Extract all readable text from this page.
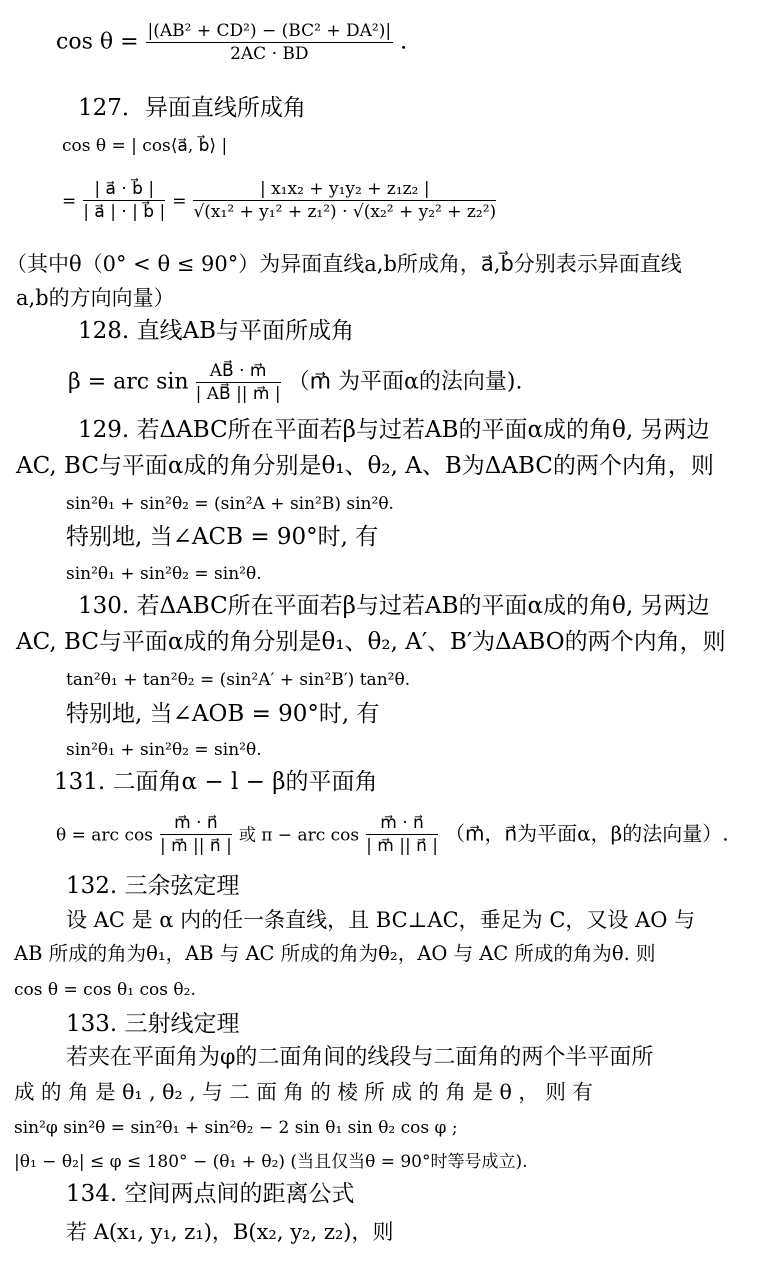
$\cos \theta = \frac{\text{|(AB² + CD²) − (BC² + DA²)|}}{2AC \cdot BD}$ .
127．异面直线所成角
cos θ = | cos⟨a⃗, b⃗⟩ |
= $\frac{| a⃗ \cdot b⃗ |}{| a⃗ | \cdot | b⃗ |} = \frac{\text{| x₁x₂ + y₁y₂ + z₁z₂ |}}{\text{√(x₁² + y₁² + z₁²) · √(x₂² + y₂² + z₂²)}}$
（其中θ（0° < θ ≤ 90°）为异面直线a,b所成角，a⃗,b⃗分别表示异面直线
a,b的方向向量）
128. 直线AB与平面所成角
β = arc $\sin \frac{AB⃗ \cdot m⃗}{| AB⃗ || m⃗ |}$ （m⃗ 为平面α的法向量).
129. 若ΔABC所在平面若β与过若AB的平面α成的角θ, 另两边
AC, BC与平面α成的角分别是θ₁、θ₂, A、B为ΔABC的两个内角，则
sin²θ₁ + sin²θ₂ = (sin²A + sin²B) sin²θ.
特别地, 当∠ACB = 90°时, 有
sin²θ₁ + sin²θ₂ = sin²θ.
130. 若ΔABC所在平面若β与过若AB的平面α成的角θ, 另两边
AC, BC与平面α成的角分别是θ₁、θ₂, A′、B′为ΔABO的两个内角，则
tan²θ₁ + tan²θ₂ = (sin²A′ + sin²B′) tan²θ.
特别地, 当∠AOB = 90°时, 有
sin²θ₁ + sin²θ₂ = sin²θ.
131. 二面角α − l − β的平面角
θ = arc $\cos \frac{m⃗ \cdot n⃗}{| m⃗ || n⃗ |}$ 或 π − arc $\cos \frac{m⃗ \cdot n⃗}{| m⃗ || n⃗ |}$ （m⃗，n⃗为平面α，β的法向量）.
132. 三余弦定理
设 AC 是 α 内的任一条直线，且 BC⊥AC，垂足为 C，又设 AO 与
AB 所成的角为θ₁，AB 与 AC 所成的角为θ₂，AO 与 AC 所成的角为θ. 则
cos θ = cos θ₁ cos θ₂.
133. 三射线定理
若夹在平面角为φ的二面角间的线段与二面角的两个半平面所
成 的 角 是 θ₁ , θ₂ , 与 二 面 角 的 棱 所 成 的 角 是 θ ， 则 有
sin²φ sin²θ = sin²θ₁ + sin²θ₂ − 2 sin θ₁ sin θ₂ cos φ ;
|θ₁ − θ₂| ≤ φ ≤ 180° − (θ₁ + θ₂) (当且仅当θ = 90°时等号成立).
134. 空间两点间的距离公式
若 A(x₁, y₁, z₁)，B(x₂, y₂, z₂)，则
